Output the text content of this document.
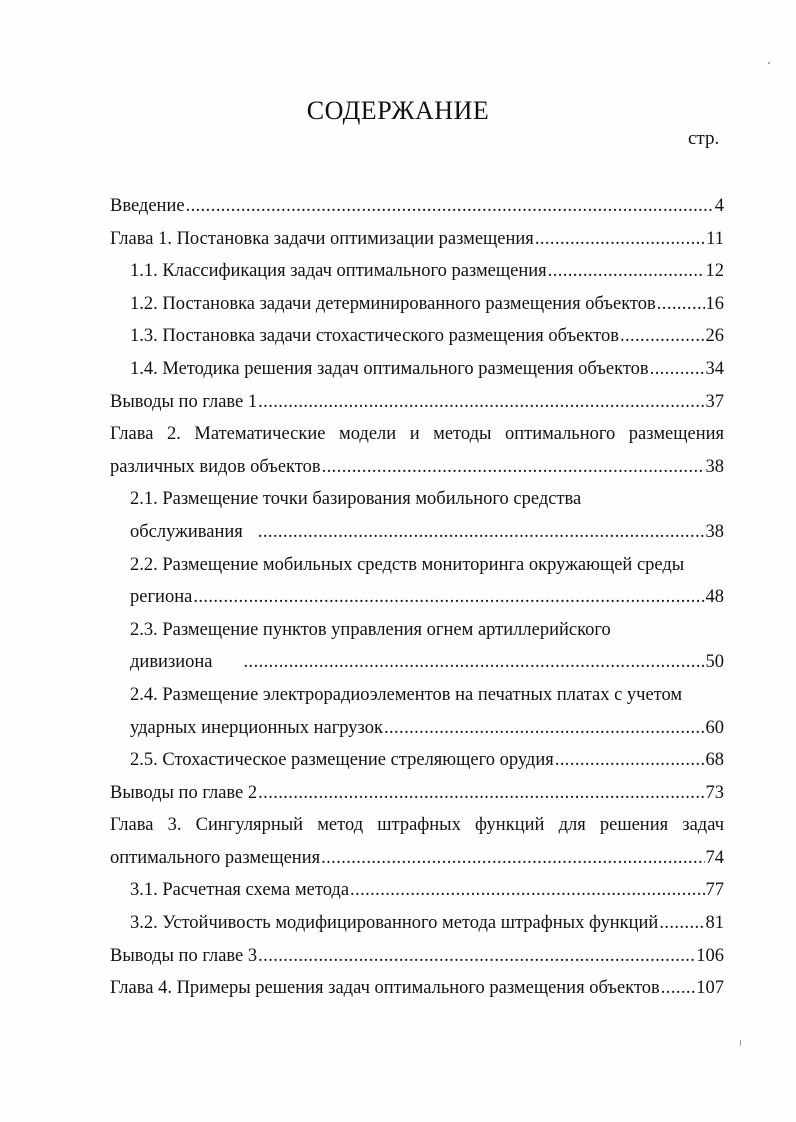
СОДЕРЖАНИЕ
стр.
Введение .....	4
Глава 1. Постановка задачи оптимизации размещения .....	11
1.1. Классификация задач оптимального размещения .....	12
1.2. Постановка задачи детерминированного размещения объектов .....	16
1.3. Постановка задачи стохастического размещения объектов .....	26
1.4. Методика решения задач оптимального размещения объектов .....	34
Выводы по главе 1 .....	37
Глава 2. Математические модели и методы оптимального размещения
различных видов объектов .....	38
2.1. Размещение точки базирования мобильного средства
обслуживания .....	38
2.2. Размещение мобильных средств мониторинга окружающей среды
региона .....	48
2.3. Размещение пунктов управления огнем артиллерийского
дивизиона .....	50
2.4. Размещение электрорадиоэлементов на печатных платах с учетом
ударных инерционных нагрузок .....	60
2.5. Стохастическое размещение стреляющего орудия .....	68
Выводы по главе 2 .....	73
Глава 3. Сингулярный метод штрафных функций для решения задач
оптимального размещения .....	74
3.1. Расчетная схема метода .....	77
3.2. Устойчивость модифицированного метода штрафных функций .....	81
Выводы по главе 3 .....	106
Глава 4. Примеры решения задач оптимального размещения объектов ..... 107
